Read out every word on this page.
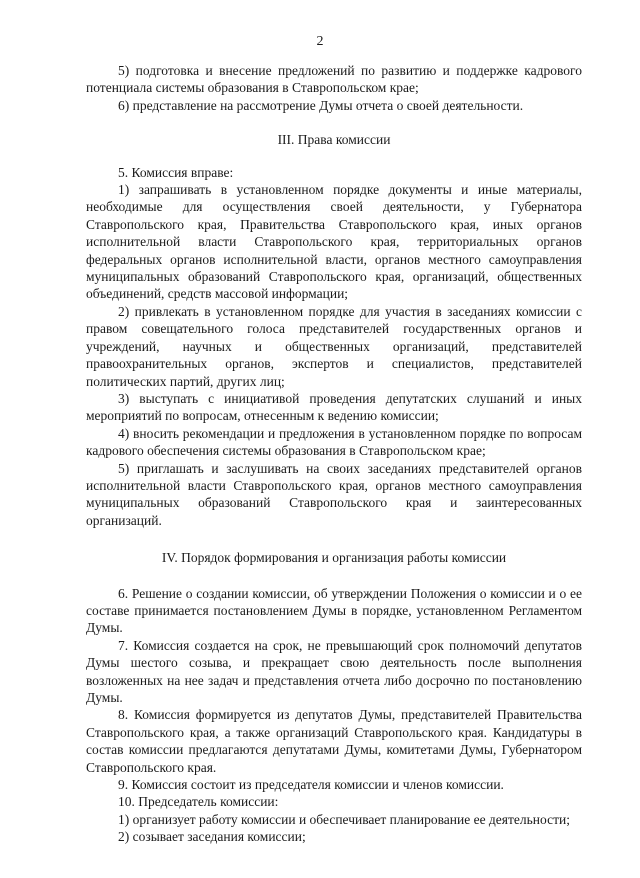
2

5) подготовка и внесение предложений по развитию и поддержке кадрового потенциала системы образования в Ставропольском крае;

6) представление на рассмотрение Думы отчета о своей деятельности.

III. Права комиссии

5. Комиссия вправе:

1) запрашивать в установленном порядке документы и иные материалы, необходимые для осуществления своей деятельности, у Губернатора Ставропольского края, Правительства Ставропольского края, иных органов исполнительной власти Ставропольского края, территориальных органов федеральных органов исполнительной власти, органов местного самоуправления муниципальных образований Ставропольского края, организаций, общественных объединений, средств массовой информации;

2) привлекать в установленном порядке для участия в заседаниях комиссии с правом совещательного голоса представителей государственных органов и учреждений, научных и общественных организаций, представителей правоохранительных органов, экспертов и специалистов, представителей политических партий, других лиц;

3) выступать с инициативой проведения депутатских слушаний и иных мероприятий по вопросам, отнесенным к ведению комиссии;

4) вносить рекомендации и предложения в установленном порядке по вопросам кадрового обеспечения системы образования в Ставропольском крае;

5) приглашать и заслушивать на своих заседаниях представителей органов исполнительной власти Ставропольского края, органов местного самоуправления муниципальных образований Ставропольского края и заинтересованных организаций.

IV. Порядок формирования и организация работы комиссии

6. Решение о создании комиссии, об утверждении Положения о комиссии и о ее составе принимается постановлением Думы в порядке, установленном Регламентом Думы.

7. Комиссия создается на срок, не превышающий срок полномочий депутатов Думы шестого созыва, и прекращает свою деятельность после выполнения возложенных на нее задач и представления отчета либо досрочно по постановлению Думы.

8. Комиссия формируется из депутатов Думы, представителей Правительства Ставропольского края, а также организаций Ставропольского края. Кандидатуры в состав комиссии предлагаются депутатами Думы, комитетами Думы, Губернатором Ставропольского края.

9. Комиссия состоит из председателя комиссии и членов комиссии.

10. Председатель комиссии:

1) организует работу комиссии и обеспечивает планирование ее деятельности;

2) созывает заседания комиссии;
